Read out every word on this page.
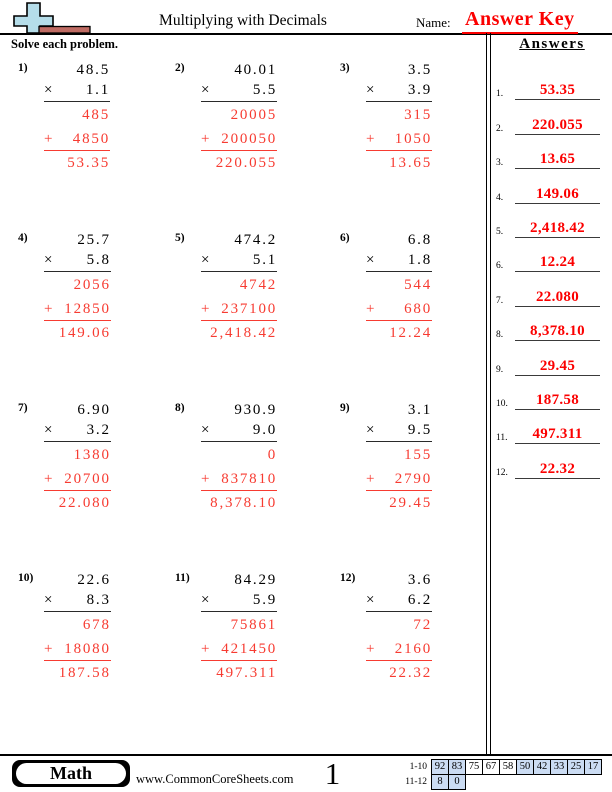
Multiplying with Decimals	Name: Answer Key
Solve each problem.
1)	48.5
× 1.1
485
+ 4850
53.35
2)	40.01
×	5.5
20005
+ 200050
220.055
3)	3.5
× 3.9
315
+ 1050
13.65
4)	25.7
× 5.8
2056
+ 12850
149.06
5)	474.2
×	5.1
4742
+ 237100
2,418.42
6)	6.8
× 1.8
544
+ 680
12.24
7)	6.90
× 3.2
1380
+ 20700
22.080
8)	930.9
×	9.0
0
+ 837810
8,378.10
9)	3.1
× 9.5
155
+ 2790
29.45
10)	22.6
× 8.3
678
+ 18080
187.58
11)	84.29
×	5.9
75861
+ 421450
497.311
12)	3.6
× 6.2
72
+ 2160
22.32
Answers
1.	53.35
2.	220.055
3.	13.65
4.	149.06
5.	2,418.42
6.	12.24
7.	22.080
8.	8,378.10
9.	29.45
10.	187.58
11.	497.311
12.	22.32
Math	www.CommonCoreSheets.com	1	1-10 92 83 75 67 58 50 42 33 25 17
11-12 8	0
